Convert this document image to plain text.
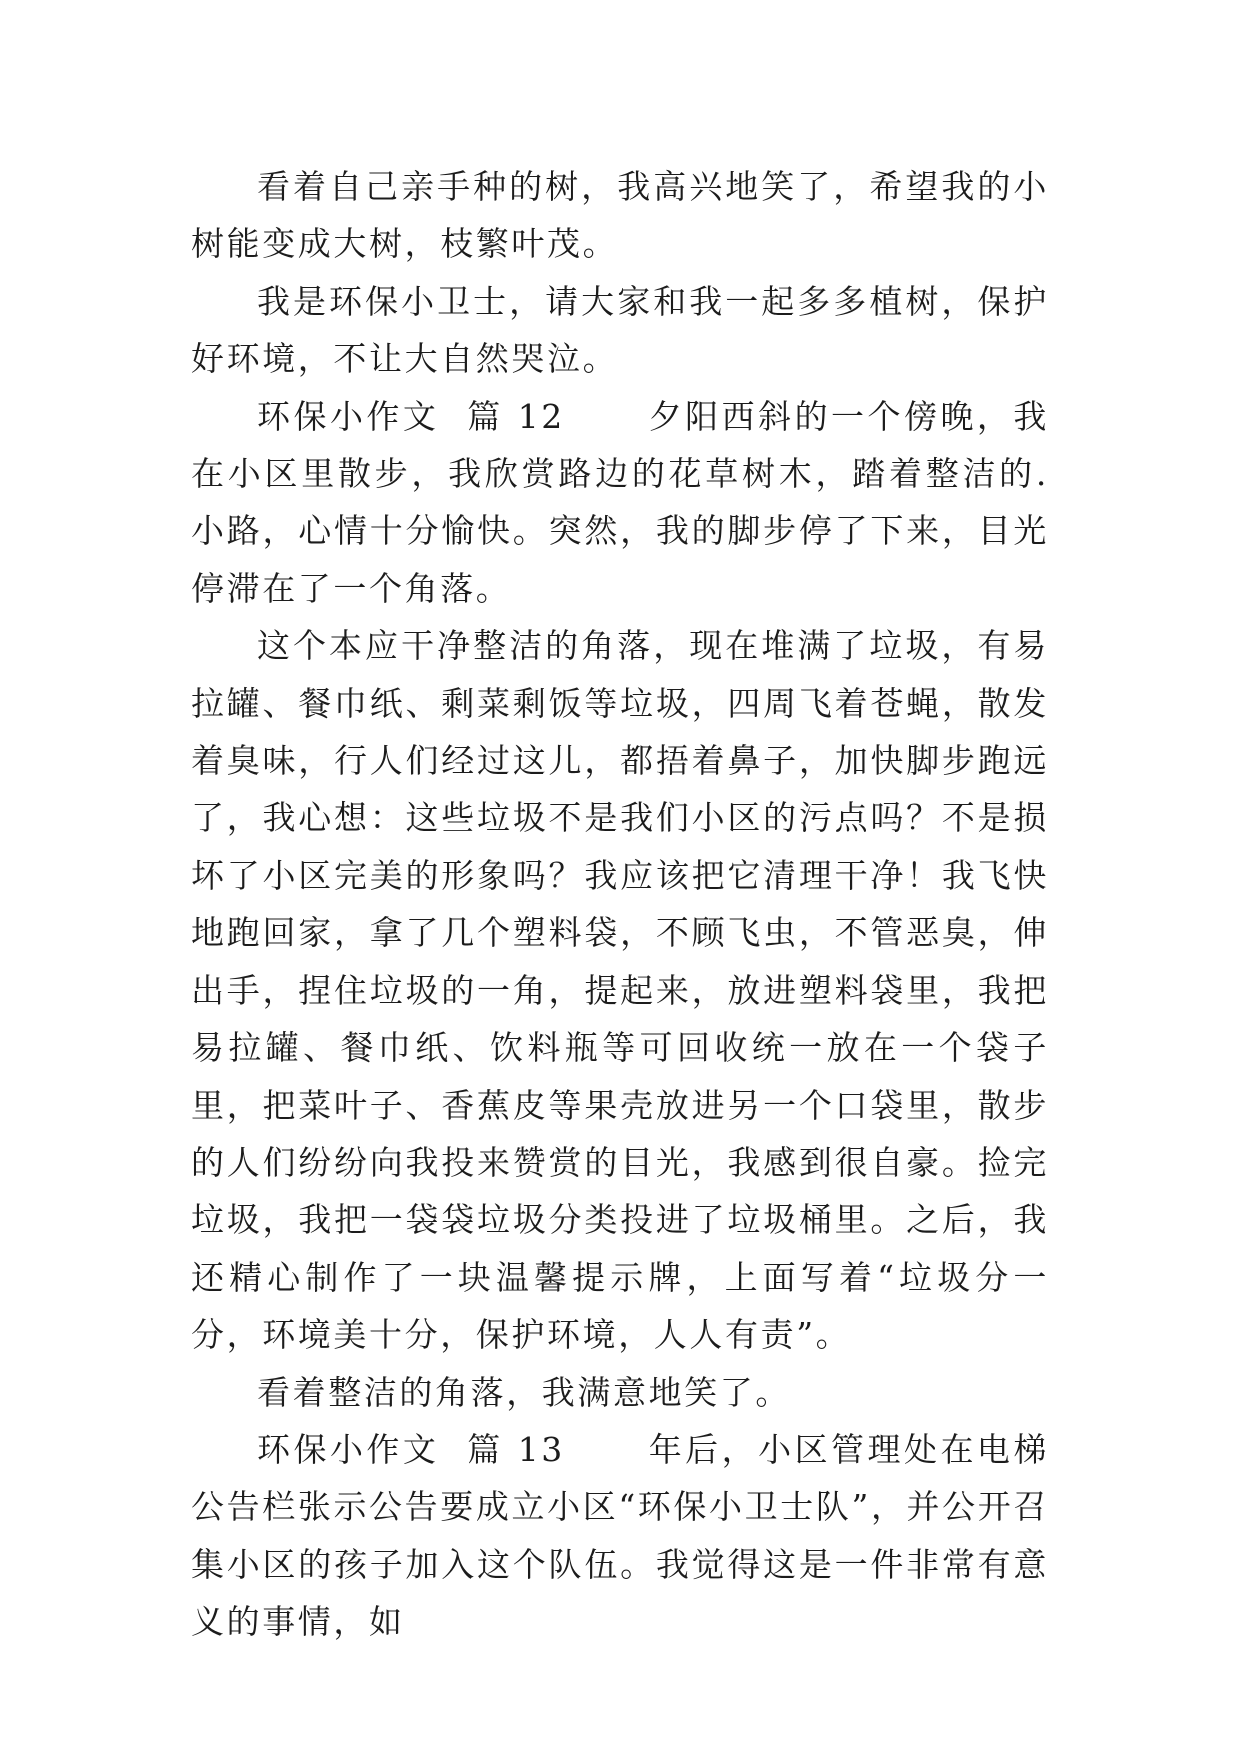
看着自己亲手种的树，我高兴地笑了，希望我的小树能变成大树，枝繁叶茂。

我是环保小卫士，请大家和我一起多多植树，保护好环境，不让大自然哭泣。

环保小作文  篇 12	夕阳西斜的一个傍晚，我在小区里散步，我欣赏路边的花草树木，踏着整洁的.小路，心情十分愉快。突然，我的脚步停了下来，目光停滞在了一个角落。

这个本应干净整洁的角落，现在堆满了垃圾，有易拉罐、餐巾纸、剩菜剩饭等垃圾，四周飞着苍蝇，散发着臭味，行人们经过这儿，都捂着鼻子，加快脚步跑远了，我心想：这些垃圾不是我们小区的污点吗？不是损坏了小区完美的形象吗？我应该把它清理干净！我飞快地跑回家，拿了几个塑料袋，不顾飞虫，不管恶臭，伸出手，捏住垃圾的一角，提起来，放进塑料袋里，我把易拉罐、餐巾纸、饮料瓶等可回收统一放在一个袋子里，把菜叶子、香蕉皮等果壳放进另一个口袋里，散步的人们纷纷向我投来赞赏的目光，我感到很自豪。捡完垃圾，我把一袋袋垃圾分类投进了垃圾桶里。之后，我还精心制作了一块温馨提示牌，上面写着“垃圾分一分，环境美十分，保护环境，人人有责”。

看着整洁的角落，我满意地笑了。

环保小作文  篇 13	年后，小区管理处在电梯公告栏张示公告要成立小区“环保小卫士队”，并公开召集小区的孩子加入这个队伍。我觉得这是一件非常有意义的事情，如
